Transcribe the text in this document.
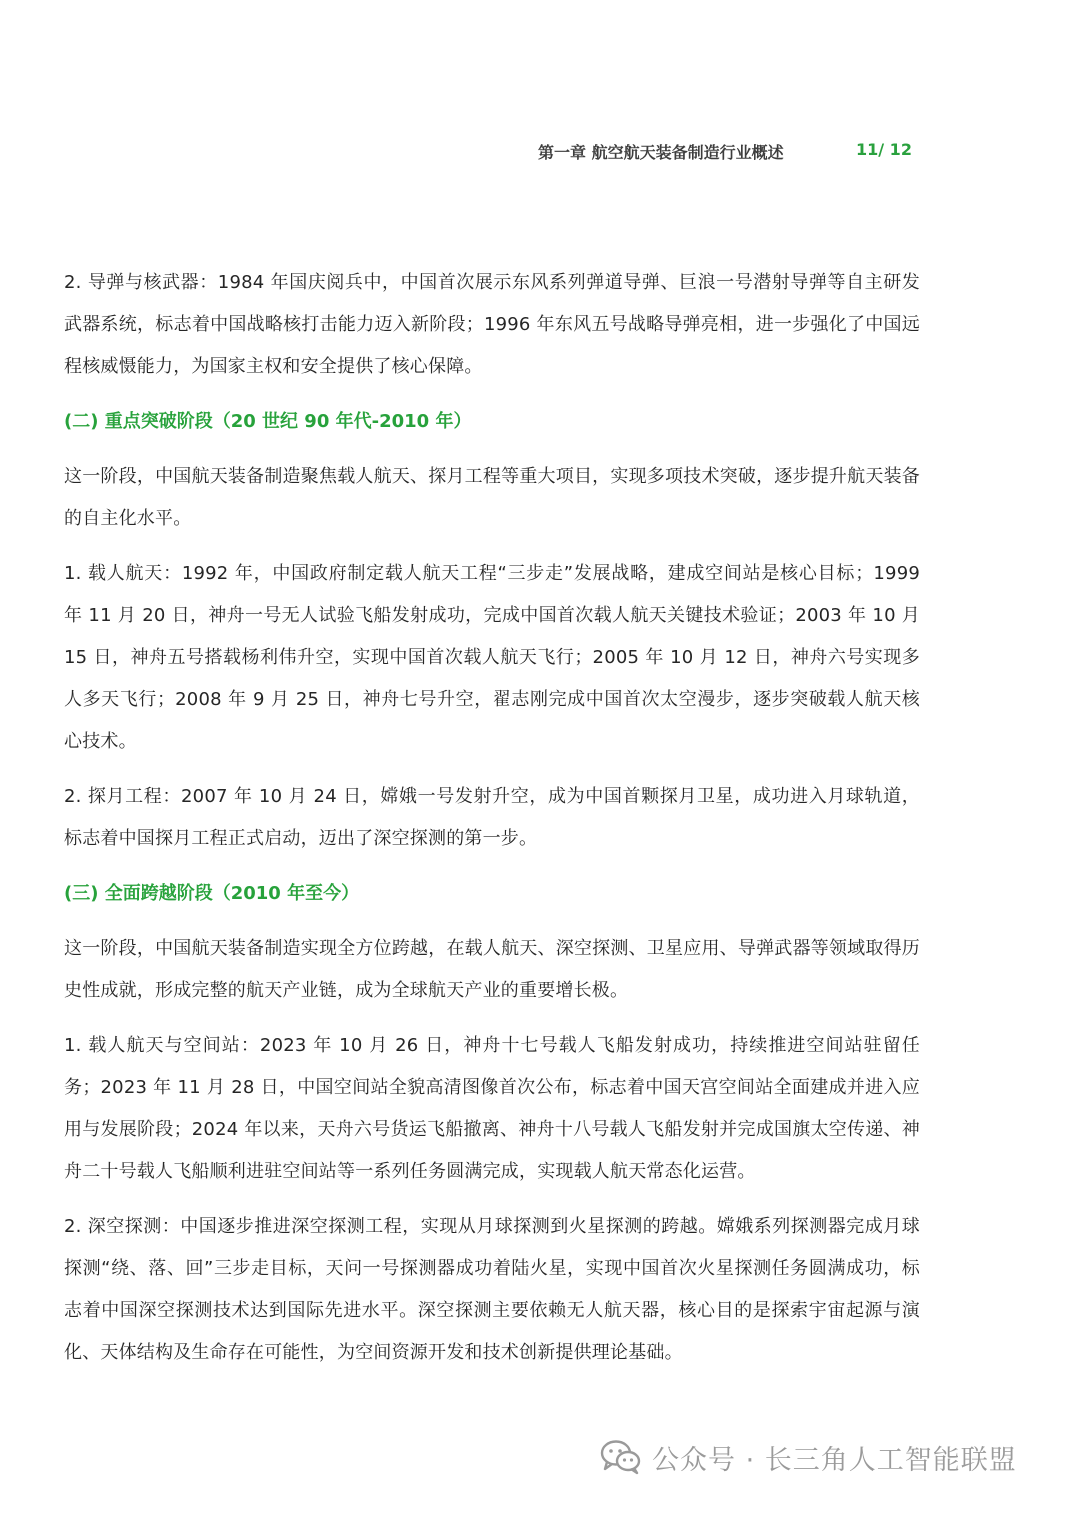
第一章 航空航天装备制造行业概述	11/ 12

2. 导弹与核武器：1984 年国庆阅兵中，中国首次展示东风系列弹道导弹、巨浪一号潜射导弹等自主研发武器系统，标志着中国战略核打击能力迈入新阶段；1996 年东风五号战略导弹亮相，进一步强化了中国远程核威慑能力，为国家主权和安全提供了核心保障。

(二) 重点突破阶段（20 世纪 90 年代-2010 年）

这一阶段，中国航天装备制造聚焦载人航天、探月工程等重大项目，实现多项技术突破，逐步提升航天装备的自主化水平。

1. 载人航天：1992 年，中国政府制定载人航天工程“三步走”发展战略，建成空间站是核心目标；1999 年 11 月 20 日，神舟一号无人试验飞船发射成功，完成中国首次载人航天关键技术验证；2003 年 10 月 15 日，神舟五号搭载杨利伟升空，实现中国首次载人航天飞行；2005 年 10 月 12 日，神舟六号实现多人多天飞行；2008 年 9 月 25 日，神舟七号升空，翟志刚完成中国首次太空漫步，逐步突破载人航天核心技术。

2. 探月工程：2007 年 10 月 24 日，嫦娥一号发射升空，成为中国首颗探月卫星，成功进入月球轨道，标志着中国探月工程正式启动，迈出了深空探测的第一步。

(三) 全面跨越阶段（2010 年至今）

这一阶段，中国航天装备制造实现全方位跨越，在载人航天、深空探测、卫星应用、导弹武器等领域取得历史性成就，形成完整的航天产业链，成为全球航天产业的重要增长极。

1. 载人航天与空间站：2023 年 10 月 26 日，神舟十七号载人飞船发射成功，持续推进空间站驻留任务；2023 年 11 月 28 日，中国空间站全貌高清图像首次公布，标志着中国天宫空间站全面建成并进入应用与发展阶段；2024 年以来，天舟六号货运飞船撤离、神舟十八号载人飞船发射并完成国旗太空传递、神舟二十号载人飞船顺利进驻空间站等一系列任务圆满完成，实现载人航天常态化运营。

2. 深空探测：中国逐步推进深空探测工程，实现从月球探测到火星探测的跨越。嫦娥系列探测器完成月球探测“绕、落、回”三步走目标，天问一号探测器成功着陆火星，实现中国首次火星探测任务圆满成功，标志着中国深空探测技术达到国际先进水平。深空探测主要依赖无人航天器，核心目的是探索宇宙起源与演化、天体结构及生命存在可能性，为空间资源开发和技术创新提供理论基础。

公众号 · 长三角人工智能联盟
